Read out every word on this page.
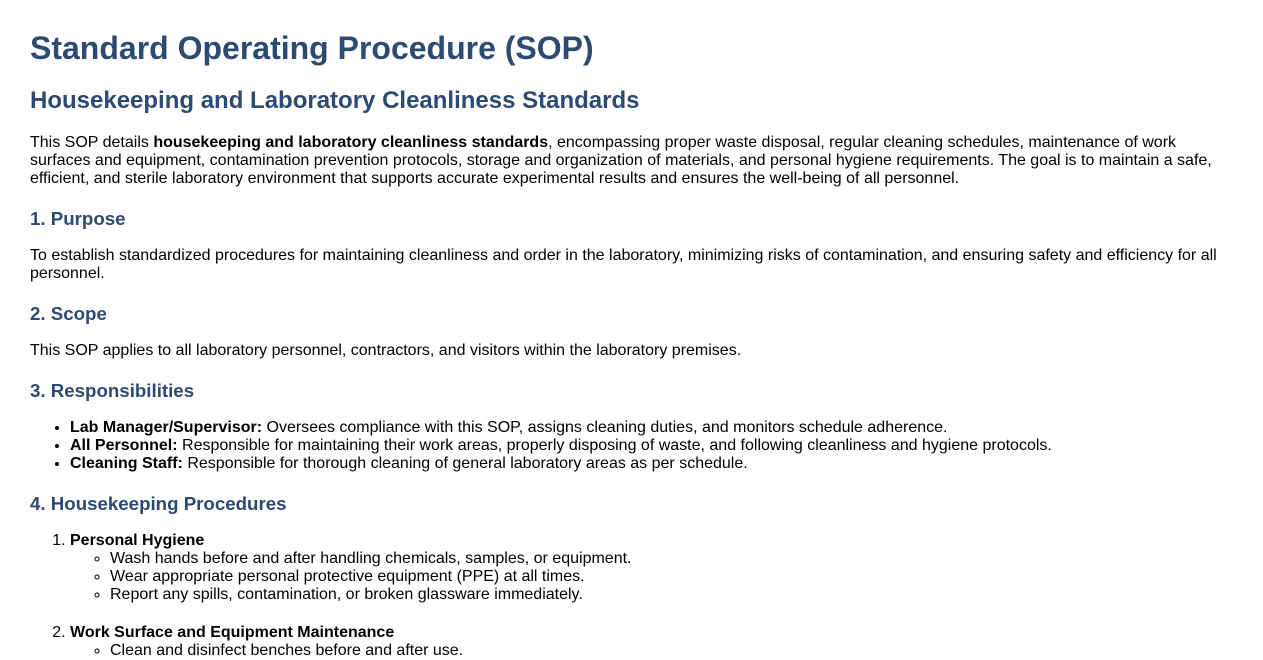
Standard Operating Procedure (SOP)
Housekeeping and Laboratory Cleanliness Standards

This SOP details housekeeping and laboratory cleanliness standards, encompassing proper waste disposal, regular cleaning schedules, maintenance of work surfaces and equipment, contamination prevention protocols, storage and organization of materials, and personal hygiene requirements. The goal is to maintain a safe, efficient, and sterile laboratory environment that supports accurate experimental results and ensures the well-being of all personnel.

1. Purpose

To establish standardized procedures for maintaining cleanliness and order in the laboratory, minimizing risks of contamination, and ensuring safety and efficiency for all personnel.

2. Scope

This SOP applies to all laboratory personnel, contractors, and visitors within the laboratory premises.

3. Responsibilities
• Lab Manager/Supervisor: Oversees compliance with this SOP, assigns cleaning duties, and monitors schedule adherence.
• All Personnel: Responsible for maintaining their work areas, properly disposing of waste, and following cleanliness and hygiene protocols.
• Cleaning Staff: Responsible for thorough cleaning of general laboratory areas as per schedule.
4. Housekeeping Procedures
1. Personal Hygiene
◦ Wash hands before and after handling chemicals, samples, or equipment.
◦ Wear appropriate personal protective equipment (PPE) at all times.
◦ Report any spills, contamination, or broken glassware immediately.
2. Work Surface and Equipment Maintenance
◦ Clean and disinfect benches before and after use.
